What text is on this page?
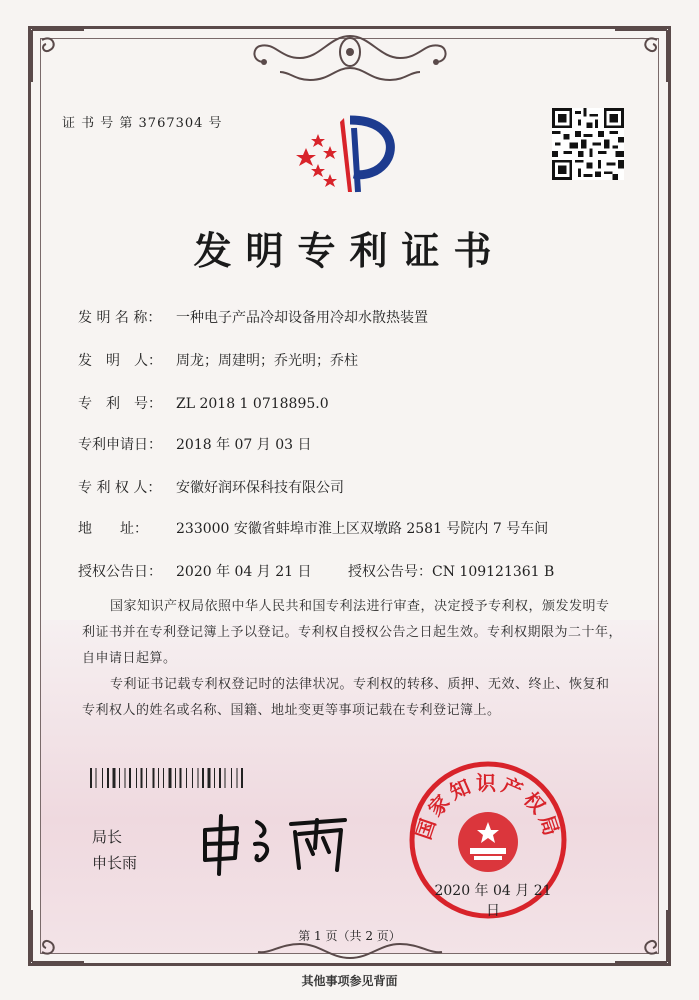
证 书 号 第 3767304 号
发明专利证书
发 明 名 称： 一种电子产品冷却设备用冷却水散热装置
发　明　人： 周龙；周建明；乔光明；乔柱
专　利　号： ZL 2018 1 0718895.0
专利申请日： 2018 年 07 月 03 日
专 利 权 人： 安徽好润环保科技有限公司
地　　址： 233000 安徽省蚌埠市淮上区双墩路 2581 号院内 7 号车间
授权公告日： 2020 年 04 月 21 日	授权公告号：CN 109121361 B

国家知识产权局依照中华人民共和国专利法进行审查，决定授予专利权，颁发发明专利证书并在专利登记簿上予以登记。专利权自授权公告之日起生效。专利权期限为二十年，自申请日起算。

专利证书记载专利权登记时的法律状况。专利权的转移、质押、无效、终止、恢复和专利权人的姓名或名称、国籍、地址变更等事项记载在专利登记簿上。

局长
申长雨
国家知识产权局
2020 年 04 月 21 日
第 1 页（共 2 页）
其他事项参见背面
